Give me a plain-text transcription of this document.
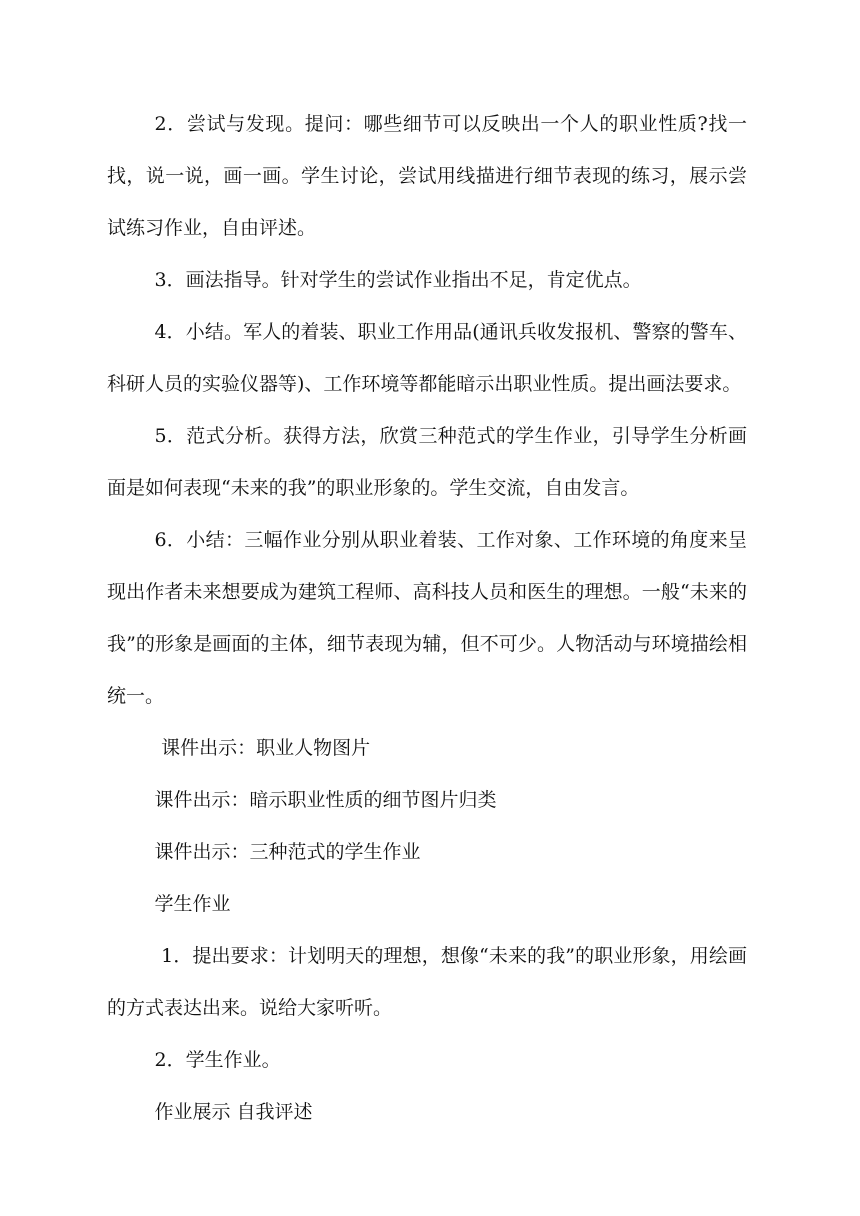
2．尝试与发现。提问：哪些细节可以反映出一个人的职业性质?找一找，说一说，画一画。学生讨论，尝试用线描进行细节表现的练习，展示尝试练习作业，自由评述。

3．画法指导。针对学生的尝试作业指出不足，肯定优点。

4．小结。军人的着装、职业工作用品(通讯兵收发报机、警察的警车、科研人员的实验仪器等)、工作环境等都能暗示出职业性质。提出画法要求。

5．范式分析。获得方法，欣赏三种范式的学生作业，引导学生分析画面是如何表现“未来的我”的职业形象的。学生交流，自由发言。

6．小结：三幅作业分别从职业着装、工作对象、工作环境的角度来呈现出作者未来想要成为建筑工程师、高科技人员和医生的理想。一般“未来的我”的形象是画面的主体，细节表现为辅，但不可少。人物活动与环境描绘相统一。

课件出示：职业人物图片

课件出示：暗示职业性质的细节图片归类

课件出示：三种范式的学生作业

学生作业

1．提出要求：计划明天的理想，想像“未来的我”的职业形象，用绘画的方式表达出来。说给大家听听。

2．学生作业。

作业展示 自我评述
